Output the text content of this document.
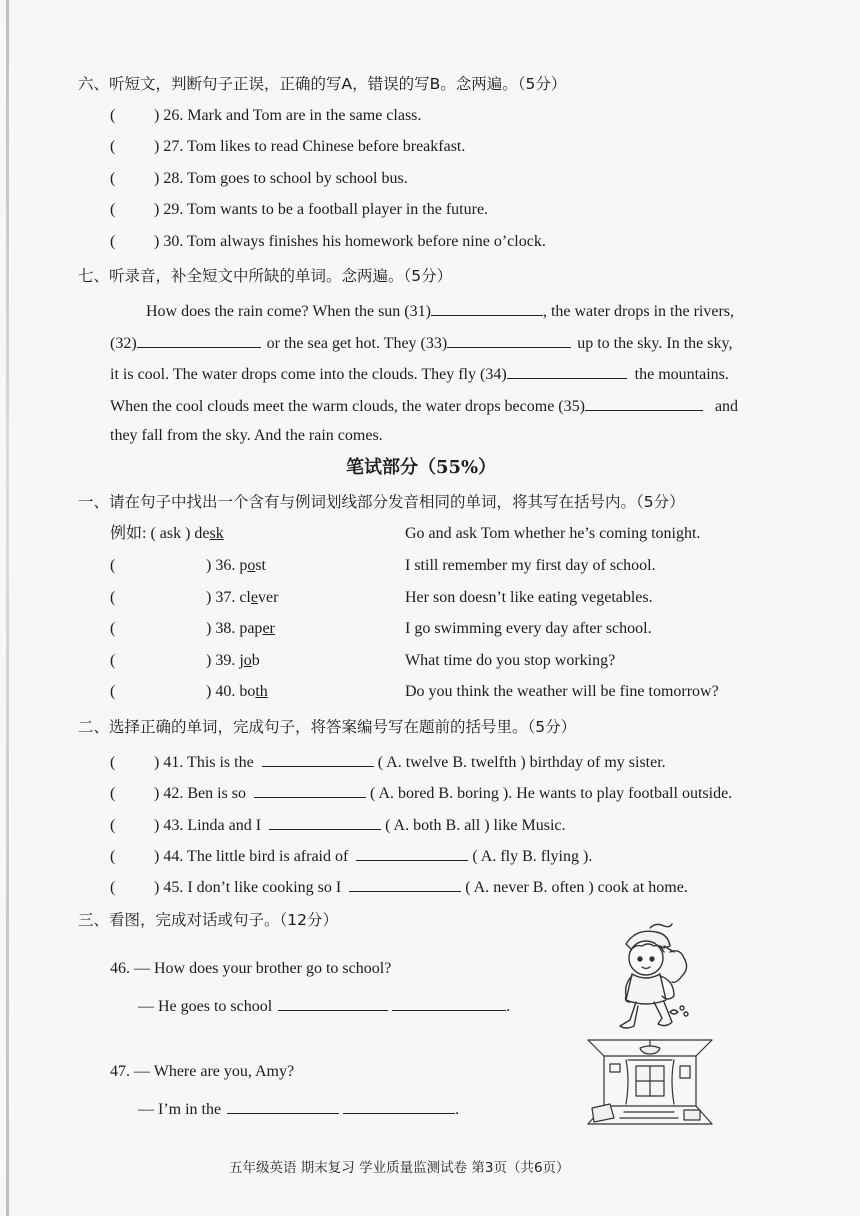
六、听短文，判断句子正误，正确的写A，错误的写B。念两遍。（5分）
( ) 26. Mark and Tom are in the same class.
( ) 27. Tom likes to read Chinese before breakfast.
( ) 28. Tom goes to school by school bus.
( ) 29. Tom wants to be a football player in the future.
( ) 30. Tom always finishes his homework before nine o’clock.
七、听录音，补全短文中所缺的单词。念两遍。（5分）
How does the rain come? When the sun (31)	, the water drops in the rivers,
(32)	or the sea get hot. They (33)	up to the sky. In the sky,
it is cool. The water drops come into the clouds. They fly (34)	the mountains.
When the cool clouds meet the warm clouds, the water drops become (35)	and
they fall from the sky. And the rain comes.
笔试部分（55%）
一、请在句子中找出一个含有与例词划线部分发音相同的单词，将其写在括号内。（5分）
例如: ( ask ) desk	Go and ask Tom whether he’s coming tonight.
(	) 36. post	I still remember my first day of school.
(	) 37. clever	Her son doesn’t like eating vegetables.
(	) 38. paper	I go swimming every day after school.
(	) 39. job	What time do you stop working?
(	) 40. both	Do you think the weather will be fine tomorrow?
二、选择正确的单词，完成句子，将答案编号写在题前的括号里。（5分）
( ) 41. This is the	( A. twelve B. twelfth ) birthday of my sister.
( ) 42. Ben is so	( A. bored B. boring ). He wants to play football outside.
( ) 43. Linda and I	( A. both B. all ) like Music.
( ) 44. The little bird is afraid of	( A. fly B. flying ).
( ) 45. I don’t like cooking so I	( A. never B. often ) cook at home.
三、看图，完成对话或句子。（12分）
46. — How does your brother go to school?
— He goes to school	.
47. — Where are you, Amy?
— I’m in the	.
五年级英语 期末复习 学业质量监测试卷 第3页（共6页）
